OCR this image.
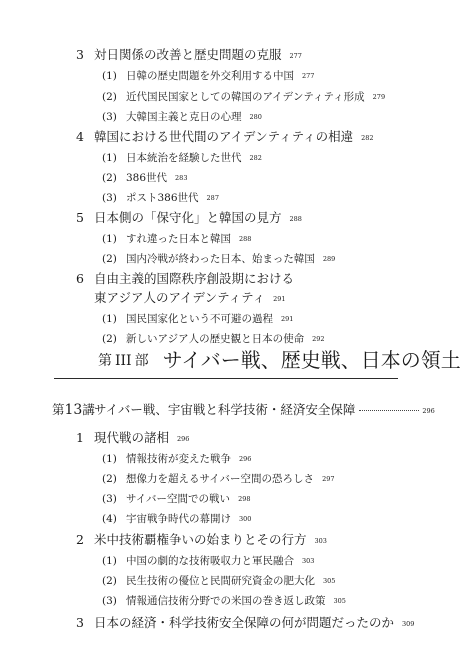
3 対日関係の改善と歴史問題の克服 277
(1) 日韓の歴史問題を外交利用する中国 277
(2) 近代国民国家としての韓国のアイデンティティ形成 279
(3) 大韓国主義と克日の心理 280
4 韓国における世代間のアイデンティティの相違 282
(1) 日本統治を経験した世代 282
(2) 386世代 283
(3) ポスト386世代 287
5 日本側の「保守化」と韓国の見方 288
(1) すれ違った日本と韓国 288
(2) 国内冷戦が終わった日本、始まった韓国 289
6 自由主義的国際秩序創設期における
東アジア人のアイデンティティ 291
(1) 国民国家化という不可避の過程 291
(2) 新しいアジア人の歴史観と日本の使命 292
第 III 部 サイバー戦、歴史戦、日本の領土
第13講サイバー戦、宇宙戦と科学技術・経済安全保障	296
1 現代戦の諸相 296
(1) 情報技術が変えた戦争 296
(2) 想像力を超えるサイバー空間の恐ろしさ 297
(3) サイバー空間での戦い 298
(4) 宇宙戦争時代の幕開け 300
2 米中技術覇権争いの始まりとその行方 303
(1) 中国の劇的な技術吸収力と軍民融合 303
(2) 民生技術の優位と民間研究資金の肥大化 305
(3) 情報通信技術分野での米国の巻き返し政策 305
3 日本の経済・科学技術安全保障の何が問題だったのか 309
